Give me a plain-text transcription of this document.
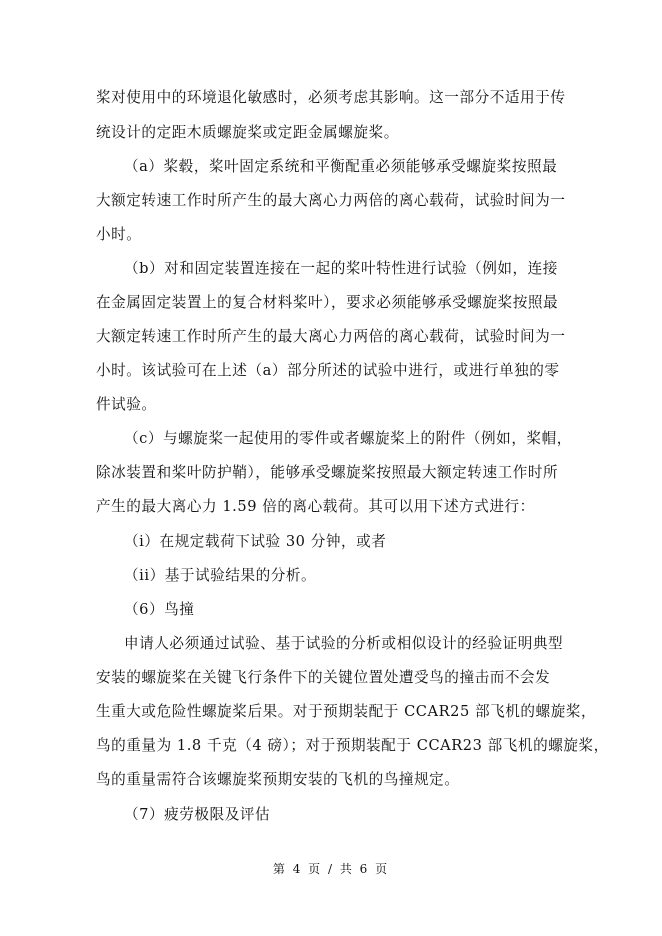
桨对使用中的环境退化敏感时，必须考虑其影响。这一部分不适用于传
统设计的定距木质螺旋桨或定距金属螺旋桨。
（a）桨毂，桨叶固定系统和平衡配重必须能够承受螺旋桨按照最
大额定转速工作时所产生的最大离心力两倍的离心载荷，试验时间为一
小时。
（b）对和固定装置连接在一起的桨叶特性进行试验（例如，连接
在金属固定装置上的复合材料桨叶），要求必须能够承受螺旋桨按照最
大额定转速工作时所产生的最大离心力两倍的离心载荷，试验时间为一
小时。该试验可在上述（a）部分所述的试验中进行，或进行单独的零
件试验。
（c）与螺旋桨一起使用的零件或者螺旋桨上的附件（例如，桨帽，
除冰装置和桨叶防护鞘），能够承受螺旋桨按照最大额定转速工作时所
产生的最大离心力 1.59 倍的离心载荷。其可以用下述方式进行：
（i）在规定载荷下试验 30 分钟，或者
（ii）基于试验结果的分析。
（6）鸟撞
申请人必须通过试验、基于试验的分析或相似设计的经验证明典型
安装的螺旋桨在关键飞行条件下的关键位置处遭受鸟的撞击而不会发
生重大或危险性螺旋桨后果。对于预期装配于 CCAR25 部飞机的螺旋桨，
鸟的重量为 1.8 千克（4 磅）；对于预期装配于 CCAR23 部飞机的螺旋桨，
鸟的重量需符合该螺旋桨预期安装的飞机的鸟撞规定。
（7）疲劳极限及评估
第 4 页 / 共 6 页
